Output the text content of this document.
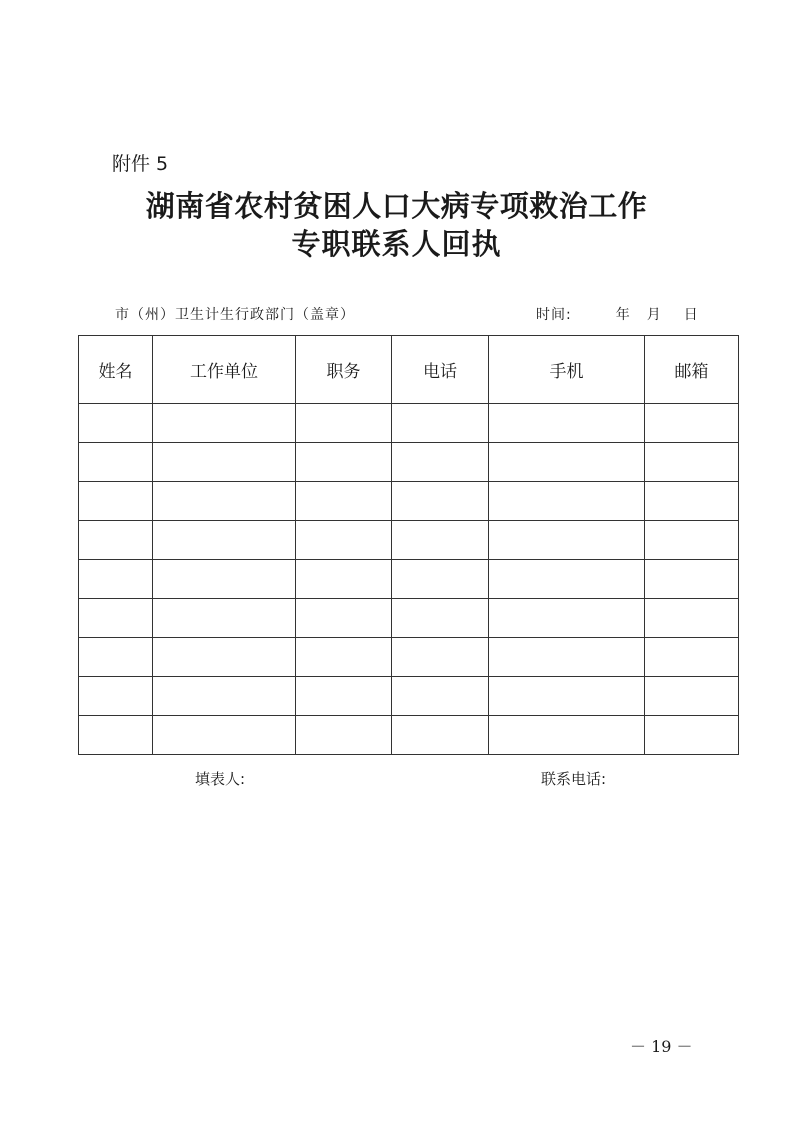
附件 5
湖南省农村贫困人口大病专项救治工作
专职联系人回执
市（州）卫生计生行政部门（盖章）	时间:	年 月 日
姓名	工作单位	职务	电话	手机	邮箱

填表人:	联系电话:
－ 19 －
